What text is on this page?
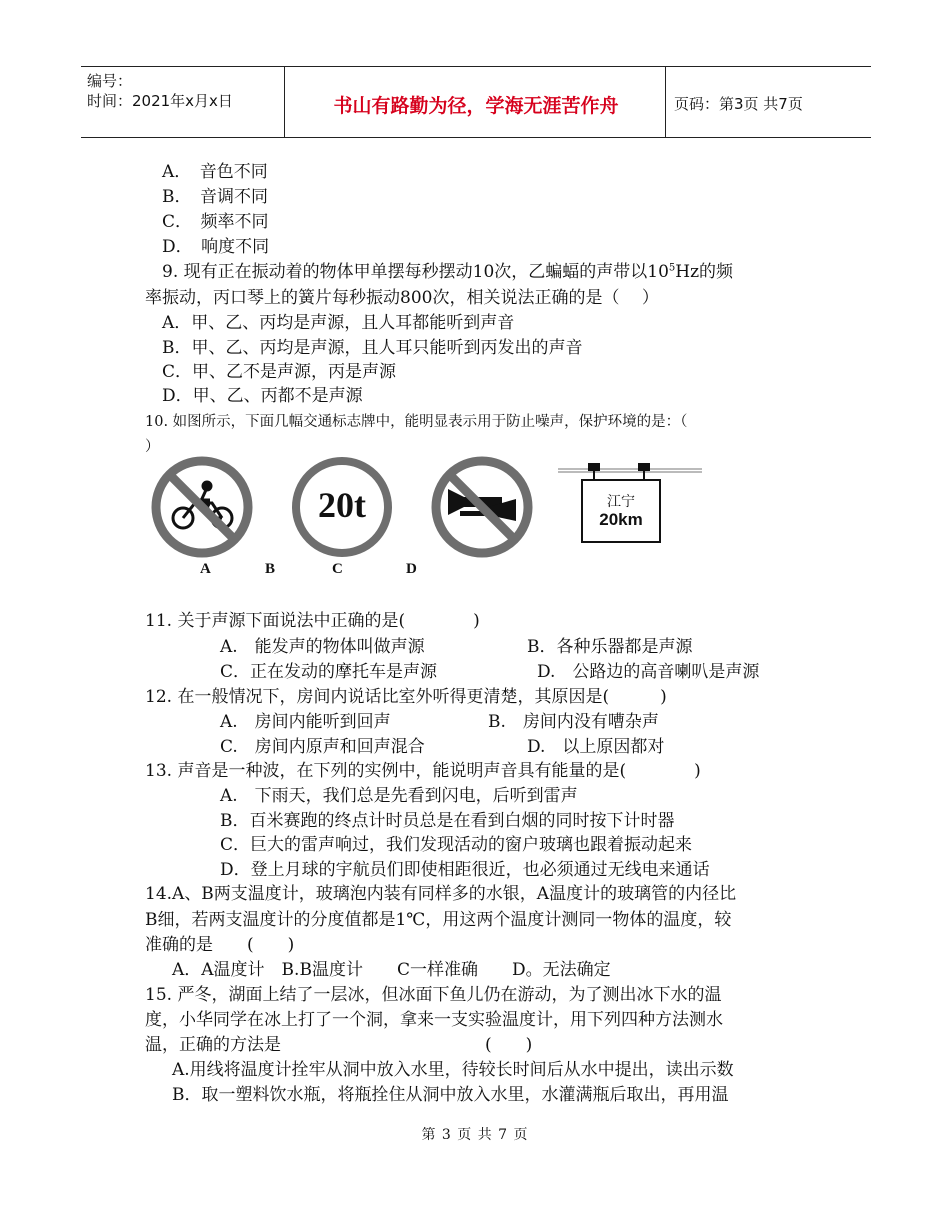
编号：
时间：2021年x月x日	书山有路勤为径，学海无涯苦作舟	页码：第3页 共7页
A．　音色不同
B．　音调不同
C．　频率不同
D．　响度不同
9. 现有正在振动着的物体甲单摆每秒摆动10次，乙蝙蝠的声带以$10^5Hz$的频
率振动，丙口琴上的簧片每秒振动800次，相关说法正确的是（　 ）
A．甲、乙、丙均是声源，且人耳都能听到声音
B．甲、乙、丙均是声源，且人耳只能听到丙发出的声音
C．甲、乙不是声源，丙是声源
D．甲、乙、丙都不是声源
10. 如图所示，下面几幅交通标志牌中，能明显表示用于防止噪声，保护环境的是：（
）
20t	江宁
20km
A	B	C	D
11. 关于声源下面说法中正确的是(　　　　)
A.　能发声的物体叫做声源	B．各种乐器都是声源
C．正在发动的摩托车是声源	D.　公路边的高音喇叭是声源
12. 在一般情况下，房间内说话比室外听得更清楚，其原因是(　　　)
A.　房间内能听到回声	B.　房间内没有嘈杂声
C.　房间内原声和回声混合	D.　以上原因都对
13. 声音是一种波，在下列的实例中，能说明声音具有能量的是(　　　　)
A.　下雨天，我们总是先看到闪电，后听到雷声
B．百米赛跑的终点计时员总是在看到白烟的同时按下计时器
C．巨大的雷声响过，我们发现活动的窗户玻璃也跟着振动起来
D．登上月球的宇航员们即使相距很近，也必须通过无线电来通话
14.A、B两支温度计，玻璃泡内装有同样多的水银，A温度计的玻璃管的内径比
B细，若两支温度计的分度值都是1℃，用这两个温度计测同一物体的温度，较
准确的是　　(　　)
A．A温度计　B.B温度计　　C一样准确　　D。无法确定
15. 严冬，湖面上结了一层冰，但冰面下鱼儿仍在游动，为了测出冰下水的温
度，小华同学在冰上打了一个洞，拿来一支实验温度计，用下列四种方法测水
温，正确的方法是　　　　　　　　　　　　(　　)
A.用线将温度计拴牢从洞中放入水里，待较长时间后从水中提出，读出示数
B．取一塑料饮水瓶，将瓶拴住从洞中放入水里，水灌满瓶后取出，再用温
第 3 页 共 7 页
